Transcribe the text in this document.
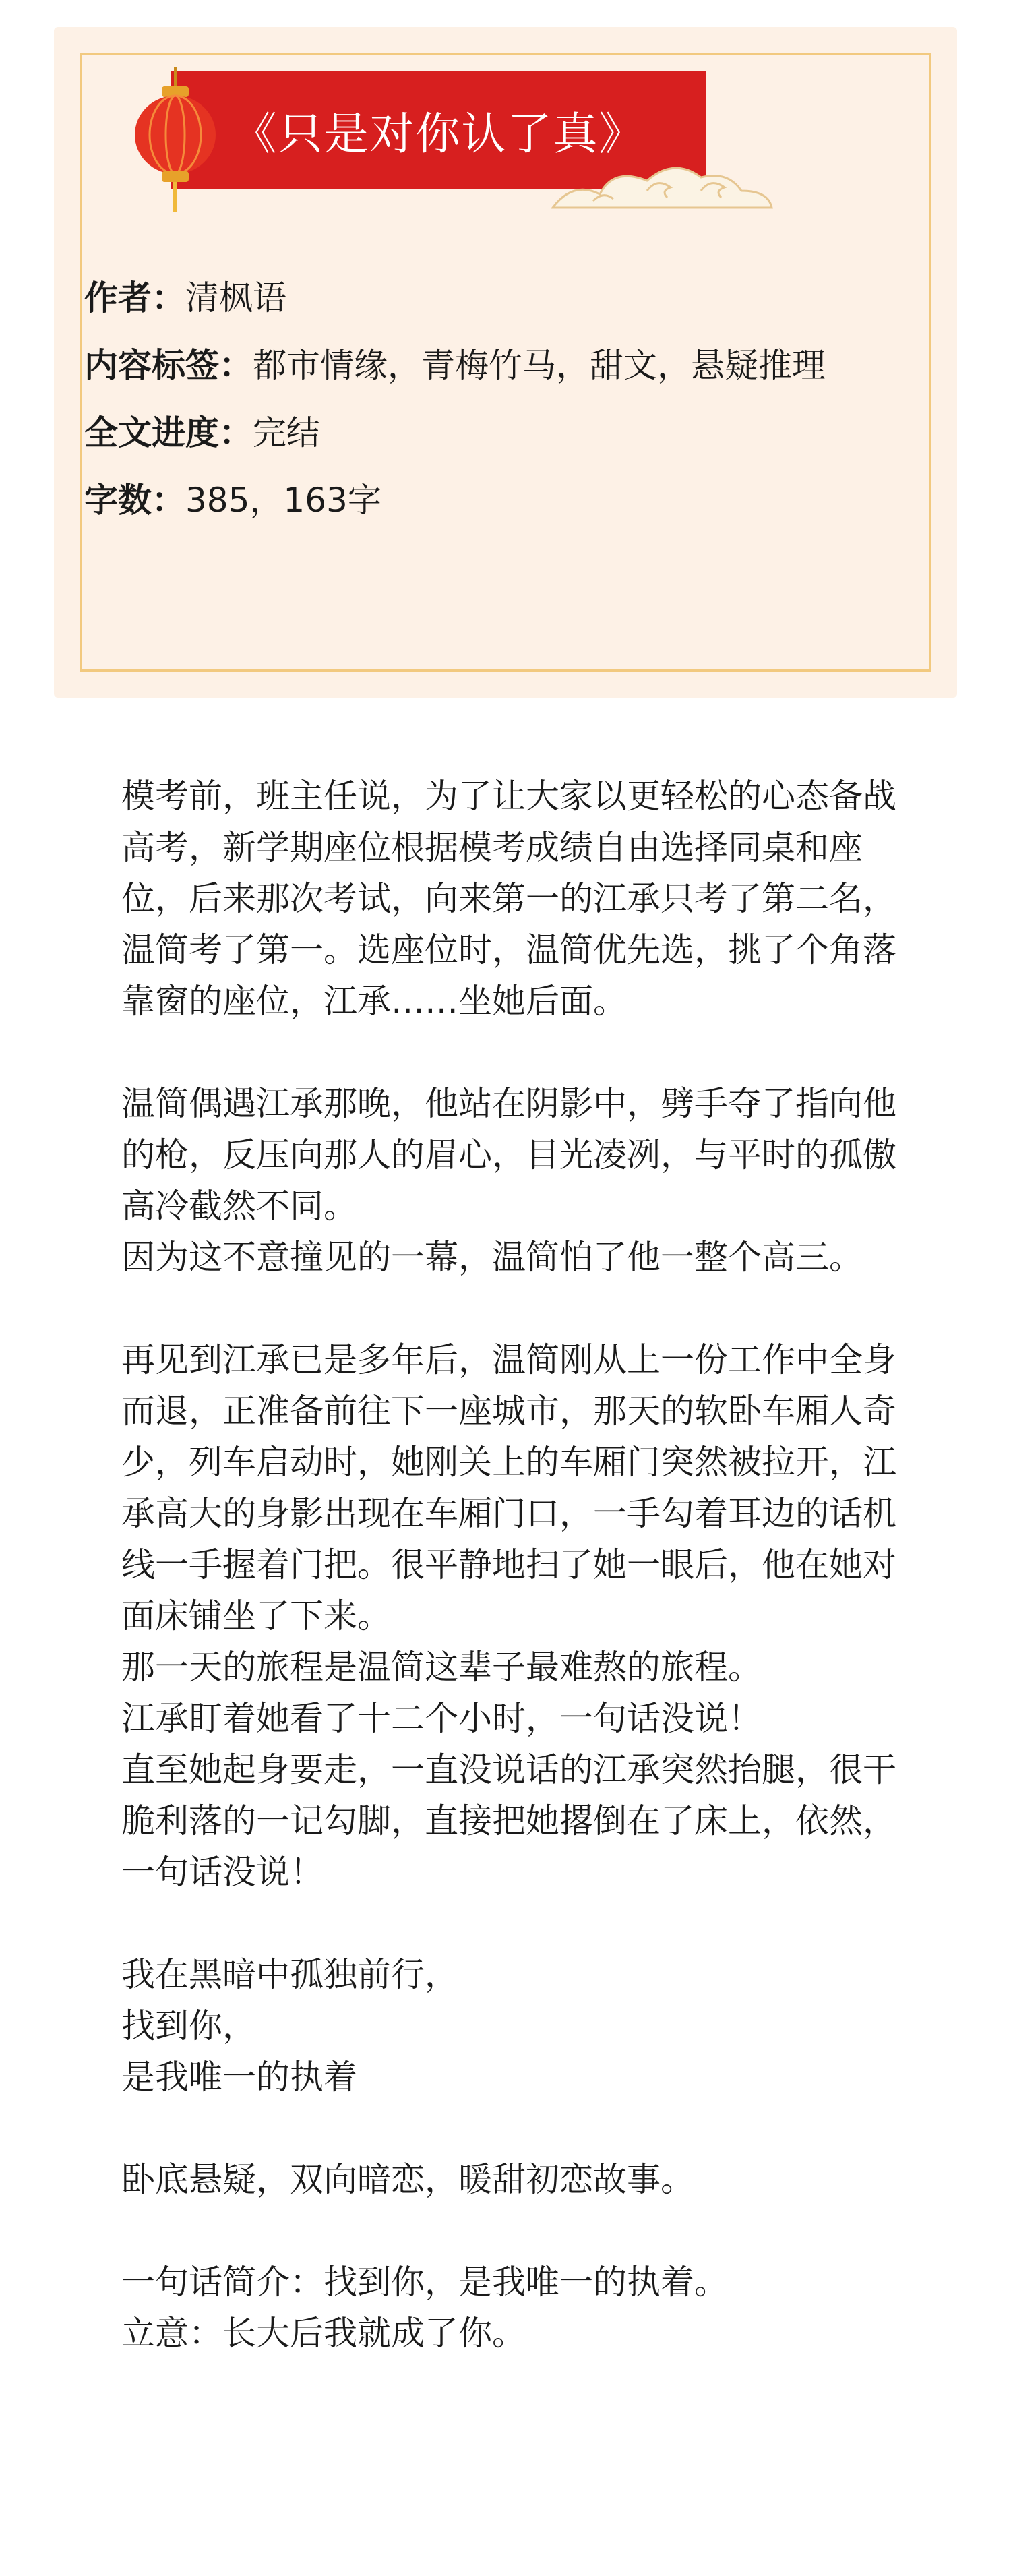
《只是对你认了真》
作者：清枫语
内容标签：都市情缘，青梅竹马，甜文，悬疑推理
全文进度：完结
字数：385，163字

模考前，班主任说，为了让大家以更轻松的心态备战高考，新学期座位根据模考成绩自由选择同桌和座位，后来那次考试，向来第一的江承只考了第二名，温简考了第一。选座位时，温简优先选，挑了个角落靠窗的座位，江承……坐她后面。

温简偶遇江承那晚，他站在阴影中，劈手夺了指向他的枪，反压向那人的眉心，目光凌冽，与平时的孤傲高冷截然不同。

因为这不意撞见的一幕，温简怕了他一整个高三。

再见到江承已是多年后，温简刚从上一份工作中全身而退，正准备前往下一座城市，那天的软卧车厢人奇少，列车启动时，她刚关上的车厢门突然被拉开，江承高大的身影出现在车厢门口，一手勾着耳边的话机线一手握着门把。很平静地扫了她一眼后，他在她对面床铺坐了下来。

那一天的旅程是温简这辈子最难熬的旅程。

江承盯着她看了十二个小时，一句话没说！

直至她起身要走，一直没说话的江承突然抬腿，很干脆利落的一记勾脚，直接把她撂倒在了床上，依然，一句话没说！

我在黑暗中孤独前行，

找到你，

是我唯一的执着

卧底悬疑，双向暗恋，暖甜初恋故事。

一句话简介：找到你，是我唯一的执着。

立意：长大后我就成了你。
